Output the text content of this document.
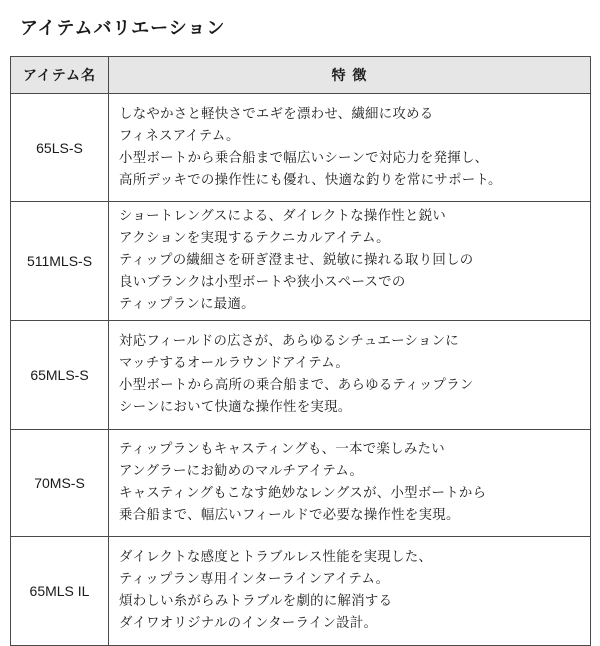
アイテムバリエーション
アイテム名	特 徴
65LS-S	しなやかさと軽快さでエギを漂わせ、繊細に攻める
フィネスアイテム。
小型ボートから乗合船まで幅広いシーンで対応力を発揮し、
高所デッキでの操作性にも優れ、快適な釣りを常にサポート。

511MLS-S	ショートレングスによる、ダイレクトな操作性と鋭い
アクションを実現するテクニカルアイテム。
ティップの繊細さを研ぎ澄ませ、鋭敏に操れる取り回しの
良いブランクは小型ボートや狭小スペースでの
ティップランに最適。

65MLS-S	対応フィールドの広さが、あらゆるシチュエーションに
マッチするオールラウンドアイテム。
小型ボートから高所の乗合船まで、あらゆるティップラン
シーンにおいて快適な操作性を実現。

70MS-S	ティップランもキャスティングも、一本で楽しみたい
アングラーにお勧めのマルチアイテム。
キャスティングもこなす絶妙なレングスが、小型ボートから
乗合船まで、幅広いフィールドで必要な操作性を実現。

65MLS IL	ダイレクトな感度とトラブルレス性能を実現した、
ティップラン専用インターラインアイテム。
煩わしい糸がらみトラブルを劇的に解消する
ダイワオリジナルのインターライン設計。
